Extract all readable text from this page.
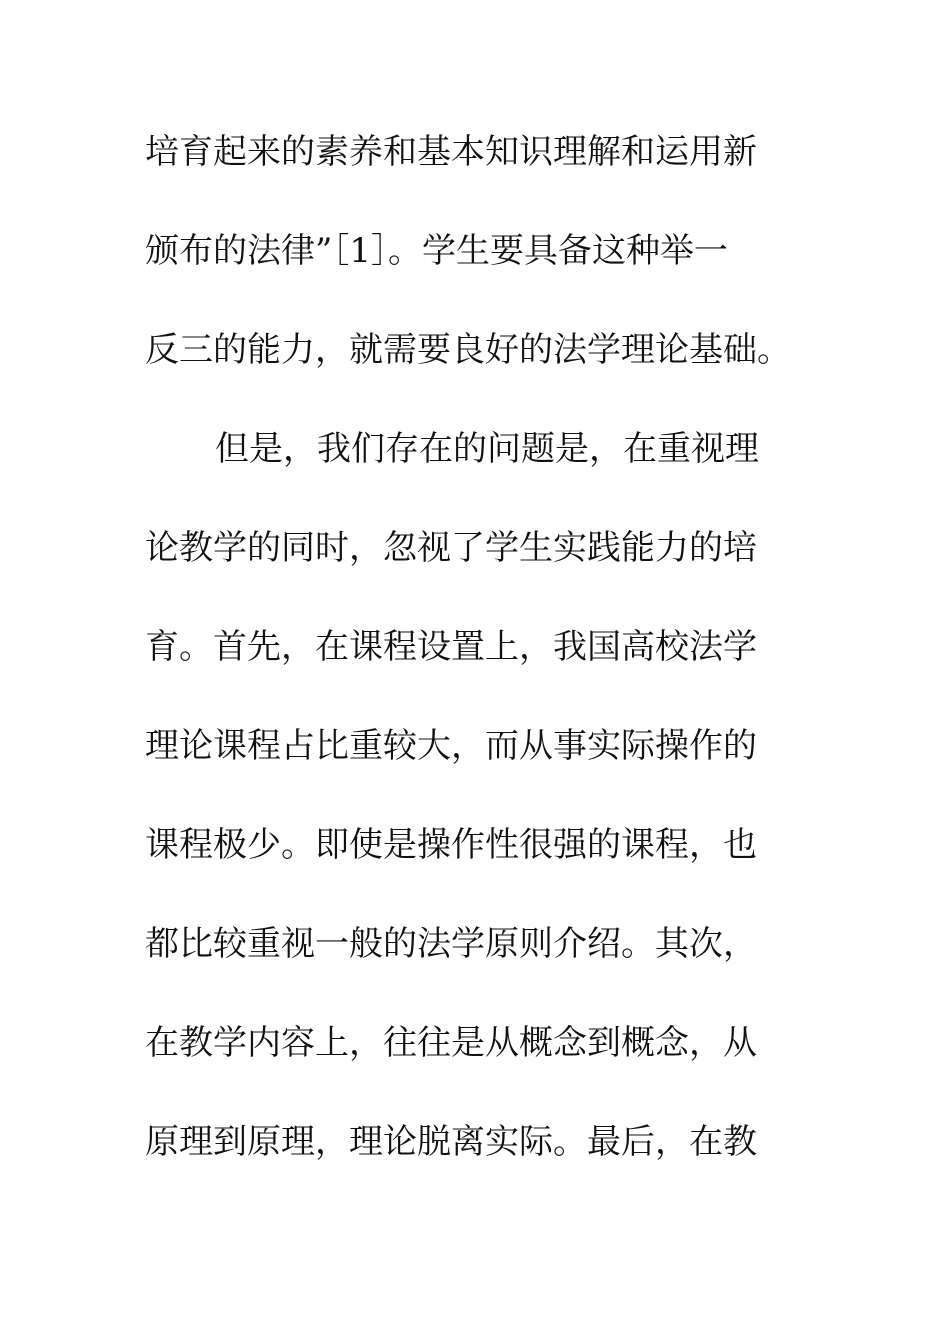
培育起来的素养和基本知识理解和运用新
颁布的法律”［1］。学生要具备这种举一
反三的能力，就需要良好的法学理论基础。
但是，我们存在的问题是，在重视理
论教学的同时，忽视了学生实践能力的培
育。首先，在课程设置上，我国高校法学
理论课程占比重较大，而从事实际操作的
课程极少。即使是操作性很强的课程，也
都比较重视一般的法学原则介绍。其次，
在教学内容上，往往是从概念到概念，从
原理到原理，理论脱离实际。最后，在教
